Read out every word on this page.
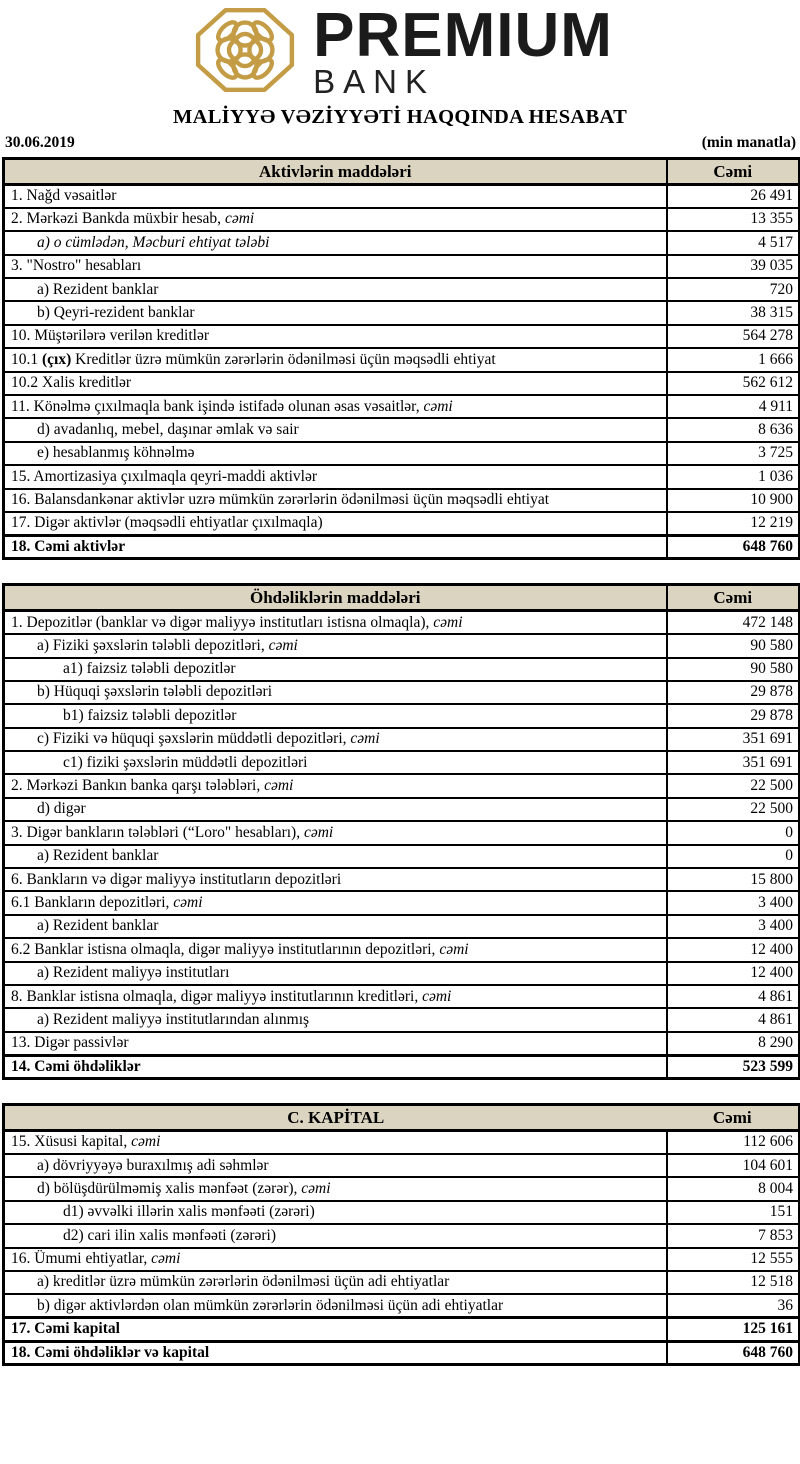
PREMIUM
BANK
MALİYYƏ VƏZİYYƏTİ HAQQINDA HESABAT
30.06.2019	(min manatla)
Aktivlərin maddələri	Cəmi
1. Nağd vəsaitlər	26 491
2. Mərkəzi Bankda müxbir hesab, cəmi	13 355
a) o cümlədən, Məcburi ehtiyat tələbi	4 517
3. "Nostro" hesabları	39 035
a) Rezident banklar	720
b) Qeyri-rezident banklar	38 315
10. Müştərilərə verilən kreditlər	564 278
10.1 (çıx) Kreditlər üzrə mümkün zərərlərin ödənilməsi üçün məqsədli ehtiyat	1 666
10.2 Xalis kreditlər	562 612
11. Könəlmə çıxılmaqla bank işində istifadə olunan əsas vəsaitlər, cəmi	4 911
d) avadanlıq, mebel, daşınar əmlak və sair	8 636
e) hesablanmış köhnəlmə	3 725
15. Amortizasiya çıxılmaqla qeyri-maddi aktivlər	1 036
16. Balansdankənar aktivlər uzrə mümkün zərərlərin ödənilməsi üçün məqsədli ehtiyat	10 900
17. Digər aktivlər (məqsədli ehtiyatlar çıxılmaqla)	12 219
18. Cəmi aktivlər	648 760
Öhdəliklərin maddələri	Cəmi
1. Depozitlər (banklar və digər maliyyə institutları istisna olmaqla), cəmi	472 148
a) Fiziki şəxslərin tələbli depozitləri, cəmi	90 580
a1) faizsiz tələbli depozitlər	90 580
b) Hüquqi şəxslərin tələbli depozitləri	29 878
b1) faizsiz tələbli depozitlər	29 878
c) Fiziki və hüquqi şəxslərin müddətli depozitləri, cəmi	351 691
c1) fiziki şəxslərin müddətli depozitləri	351 691
2. Mərkəzi Bankın banka qarşı tələbləri, cəmi	22 500
d) digər	22 500
3. Digər bankların tələbləri (“Loro" hesabları), cəmi	0
a) Rezident banklar	0
6. Bankların və digər maliyyə institutların depozitləri	15 800
6.1 Bankların depozitləri, cəmi	3 400
a) Rezident banklar	3 400
6.2 Banklar istisna olmaqla, digər maliyyə institutlarının depozitləri, cəmi	12 400
a) Rezident maliyyə institutları	12 400
8. Banklar istisna olmaqla, digər maliyyə institutlarının kreditləri, cəmi	4 861
a) Rezident maliyyə institutlarından alınmış	4 861
13. Digər passivlər	8 290
14. Cəmi öhdəliklər	523 599
C. KAPİTAL	Cəmi
15. Xüsusi kapital, cəmi	112 606
a) dövriyyəyə buraxılmış adi səhmlər	104 601
d) bölüşdürülməmiş xalis mənfəət (zərər), cəmi	8 004
d1) əvvəlki illərin xalis mənfəəti (zərəri)	151
d2) cari ilin xalis mənfəəti (zərəri)	7 853
16. Ümumi ehtiyatlar, cəmi	12 555
a) kreditlər üzrə mümkün zərərlərin ödənilməsi üçün adi ehtiyatlar	12 518
b) digər aktivlərdən olan mümkün zərərlərin ödənilməsi üçün adi ehtiyatlar	36
17. Cəmi kapital	125 161
18. Cəmi öhdəliklər və kapital	648 760
